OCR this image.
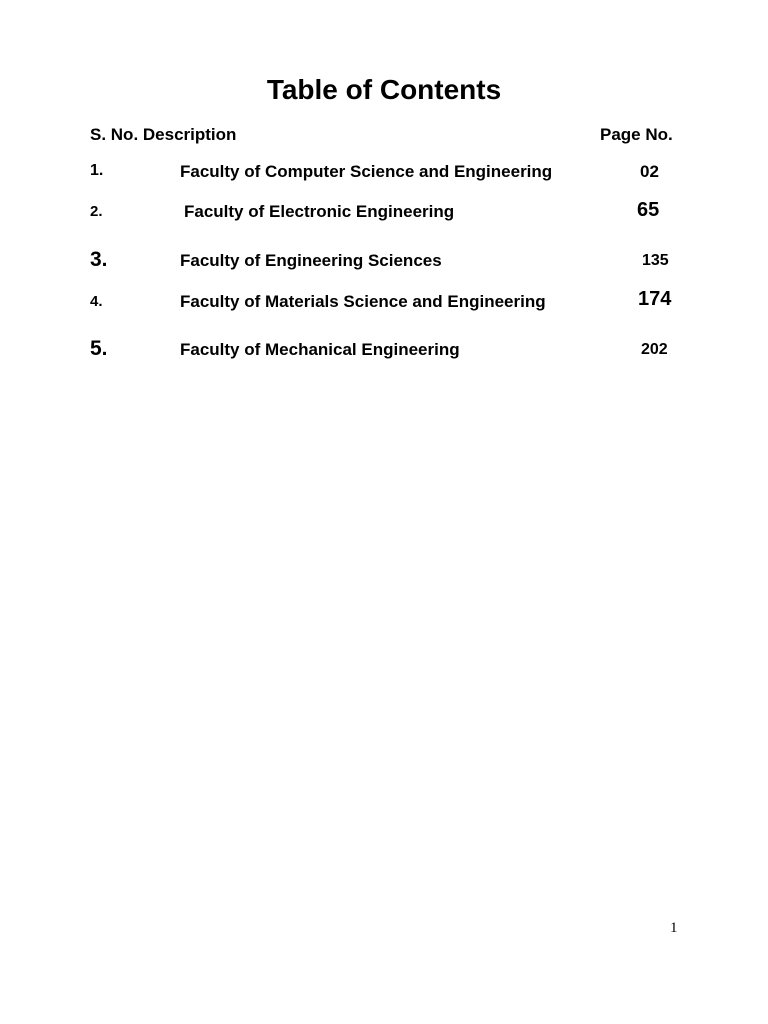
Table of Contents
S. No. Description	Page No.
1.	Faculty of Computer Science and Engineering	02
2.	Faculty of Electronic Engineering	65
3.	Faculty of Engineering Sciences	135
4.	Faculty of Materials Science and Engineering	174
5.	Faculty of Mechanical Engineering	202
1
